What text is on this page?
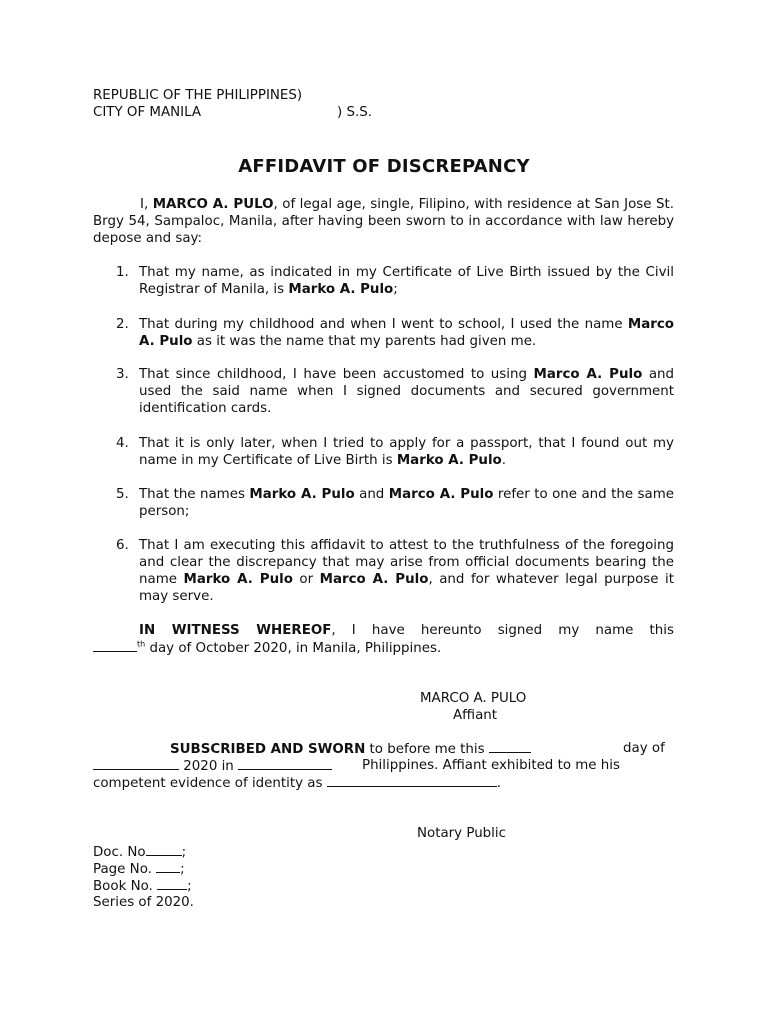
REPUBLIC OF THE PHILIPPINES)
CITY OF MANILA	) S.S.
AFFIDAVIT OF DISCREPANCY
I, MARCO A. PULO, of legal age, single, Filipino, with residence at San Jose St. Brgy 54, Sampaloc, Manila, after having been sworn to in accordance with law hereby depose and say:
1. That my name, as indicated in my Certificate of Live Birth issued by the Civil Registrar of Manila, is Marko A. Pulo;
2. That during my childhood and when I went to school, I used the name Marco A. Pulo as it was the name that my parents had given me.
3. That since childhood, I have been accustomed to using Marco A. Pulo and used the said name when I signed documents and secured government identification cards.
4. That it is only later, when I tried to apply for a passport, that I found out my name in my Certificate of Live Birth is Marko A. Pulo.
5. That the names Marko A. Pulo and Marco A. Pulo refer to one and the same person;
6. That I am executing this affidavit to attest to the truthfulness of the foregoing and clear the discrepancy that may arise from official documents bearing the name Marko A. Pulo or Marco A. Pulo, and for whatever legal purpose it may serve.
IN WITNESS WHEREOF, I have hereunto signed my name this
$^{th}$ day of October 2020, in Manila, Philippines.
MARCO A. PULO
Affiant
SUBSCRIBED AND SWORN to before me this	day of
2020 in	Philippines. Affiant exhibited to me his
competent evidence of identity as	.
Notary Public
Doc. No	;
Page No. ;
Book No. ;
Series of 2020.
